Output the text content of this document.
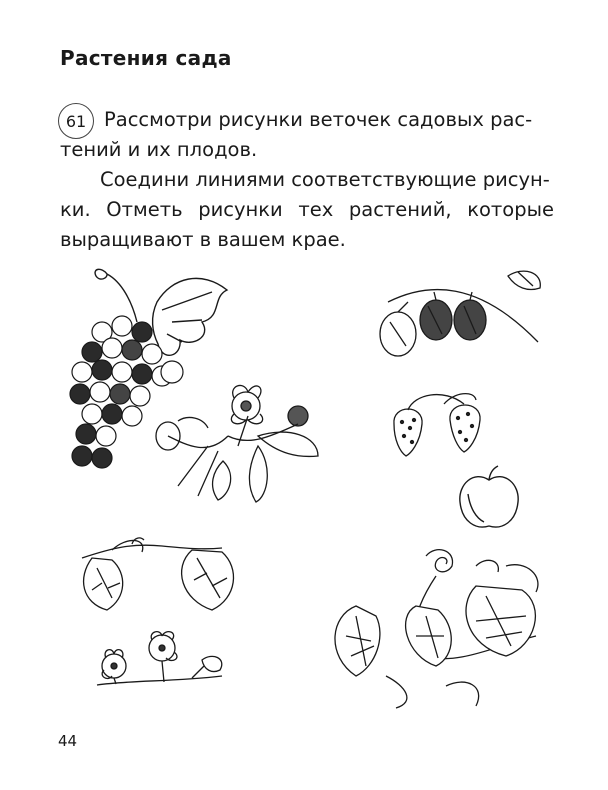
Растения сада
61 Рассмотри рисунки веточек садовых рас-
тений и их плодов.
Соедини линиями соответствующие рисун-
ки. Отметь рисунки тех растений, которые
выращивают в вашем крае.
44
